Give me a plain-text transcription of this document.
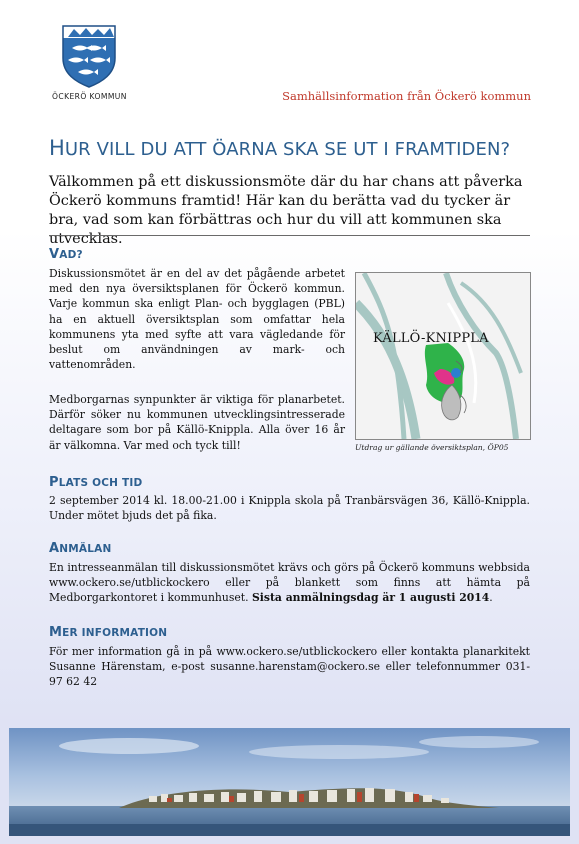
ÖCKERÖ KOMMUN	Samhällsinformation från Öckerö kommun
HUR VILL DU ATT ÖARNA SKA SE UT I FRAMTIDEN?
Välkommen på ett diskussionsmöte där du har chans att påverka Öckerö kommuns framtid! Här kan du berätta vad du tycker är bra, vad som kan förbättras och hur du vill att kommunen ska utvecklas.
VAD?
Diskussionsmötet är en del av det pågående arbetet med den nya översiktsplanen för Öckerö kommun. Varje kommun ska enligt Plan- och bygglagen (PBL) ha en aktuell översiktsplan som omfattar hela kommunens yta med syfte att vara vägledande för beslut om användningen av mark- och vattenområden.
Medborgarnas synpunkter är viktiga för planarbetet. Därför söker nu kommunen utvecklingsintresserade deltagare som bor på Källö-Knippla. Alla över 16 år är välkomna. Var med och tyck till!
KÄLLÖ-KNIPPLA
Utdrag ur gällande översiktsplan, ÖP05
PLATS OCH TID
2 september 2014 kl. 18.00-21.00 i Knippla skola på Tranbärsvägen 36, Källö-Knippla. Under mötet bjuds det på fika.
ANMÄLAN
En intresseanmälan till diskussionsmötet krävs och görs på Öckerö kommuns webbsida www.ockero.se/utblickockero eller på blankett som finns att hämta på Medborgarkontoret i kommunhuset. Sista anmälningsdag är 1 augusti 2014.
MER INFORMATION
För mer information gå in på www.ockero.se/utblickockero eller kontakta planarkitekt Susanne Härenstam, e-post susanne.harenstam@ockero.se eller telefonnummer 031-97 62 42
